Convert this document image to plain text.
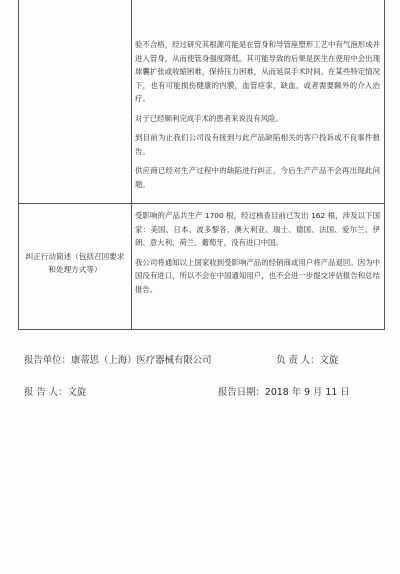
验不合格，经过研究其根源可能是在管身和导管座塑形工艺中有气泡形成并进入管身，从而使管身强度降低。其可能导致的后果是医生在使用中会出现球囊扩张或收缩困难，保持压力困难，从而延误手术时间。在某些特定情况下，也有可能损伤健康的内膜，血管痉挛，缺血，或者需要额外的介入治疗。

对于已经顺利完成手术的患者来说没有风险。

到目前为止我们公司没有接到与此产品缺陷相关的客户投诉或不良事件报告。

供应商已经对生产过程中的缺陷进行纠正，今后生产产品不会再出现此问题。

纠正行动简述（包括召回要求和处理方式等）

受影响的产品共生产 1700 根，经过核查目前已发出 162 根，涉及以下国家：美国、日本、波多黎各、澳大利亚、瑞士、德国、法国、爱尔兰、伊朗、意大利、荷兰、葡萄牙，没有进口中国。

我公司将通知以上国家收到受影响产品的经销商或用户将产品退回。因为中国没有进口，所以不会在中国通知用户，也不会进一步提交评估报告和总结报告。

报告单位：康蒂思（上海）医疗器械有限公司	负 责 人：文旋
报 告 人：文旋	报告日期：2018 年 9 月 11 日
